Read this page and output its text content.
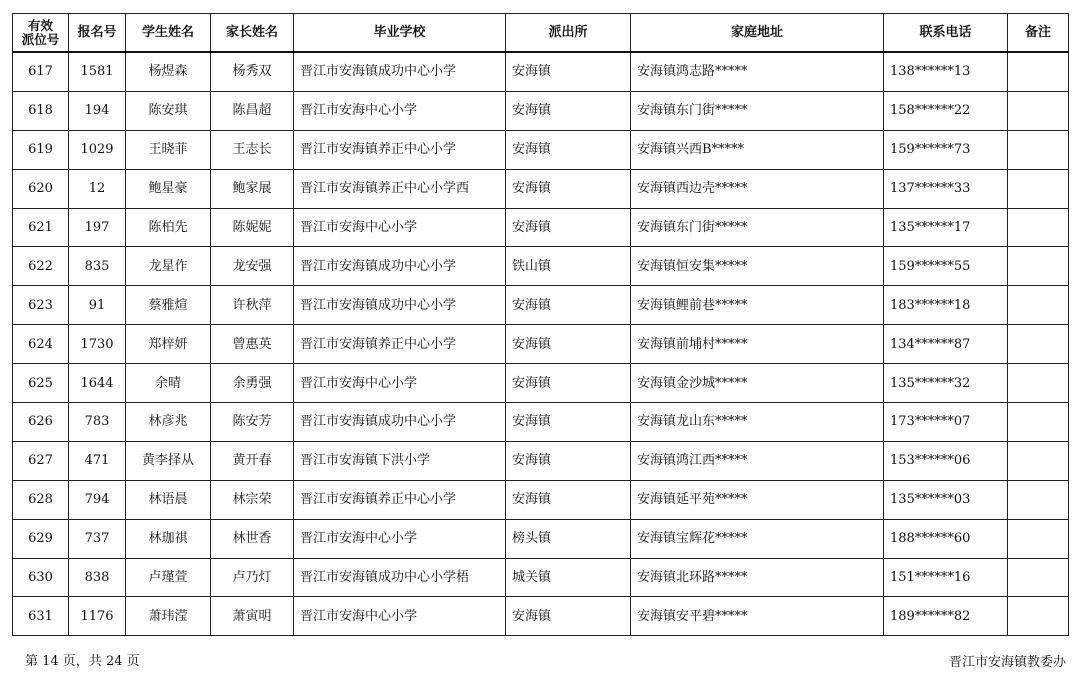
有效
派位号	报名号	学生姓名	家长姓名	毕业学校	派出所	家庭地址	联系电话	备注
617	1581	杨煜森	杨秀双	晋江市安海镇成功中心小学	安海镇	安海镇鸿志路*****	138******13	
618	194	陈安琪	陈昌超	晋江市安海中心小学	安海镇	安海镇东门街*****	158******22	
619	1029	王晓菲	王志长	晋江市安海镇养正中心小学	安海镇	安海镇兴西B*****	159******73	
620	12	鲍星豪	鲍家展	晋江市安海镇养正中心小学西	安海镇	安海镇西边壳*****	137******33	
621	197	陈柏先	陈妮妮	晋江市安海中心小学	安海镇	安海镇东门街*****	135******17	
622	835	龙星作	龙安强	晋江市安海镇成功中心小学	铁山镇	安海镇恒安集*****	159******55	
623	91	蔡雅煊	许秋萍	晋江市安海镇成功中心小学	安海镇	安海镇鲤前巷*****	183******18	
624	1730	郑梓妍	曾惠英	晋江市安海镇养正中心小学	安海镇	安海镇前埔村*****	134******87	
625	1644	余晴	余勇强	晋江市安海中心小学	安海镇	安海镇金沙城*****	135******32	
626	783	林彦兆	陈安芳	晋江市安海镇成功中心小学	安海镇	安海镇龙山东*****	173******07	
627	471	黄李择从	黄开春	晋江市安海镇下洪小学	安海镇	安海镇鸿江西*****	153******06	
628	794	林语晨	林宗荣	晋江市安海镇养正中心小学	安海镇	安海镇延平苑*****	135******03	
629	737	林珈祺	林世香	晋江市安海中心小学	榜头镇	安海镇宝辉花*****	188******60	
630	838	卢瑾萱	卢乃灯	晋江市安海镇成功中心小学梧	城关镇	安海镇北环路*****	151******16	
631	1176	萧玮滢	萧寅明	晋江市安海中心小学	安海镇	安海镇安平碧*****	189******82	
第 14 页，共 24 页	晋江市安海镇教委办
